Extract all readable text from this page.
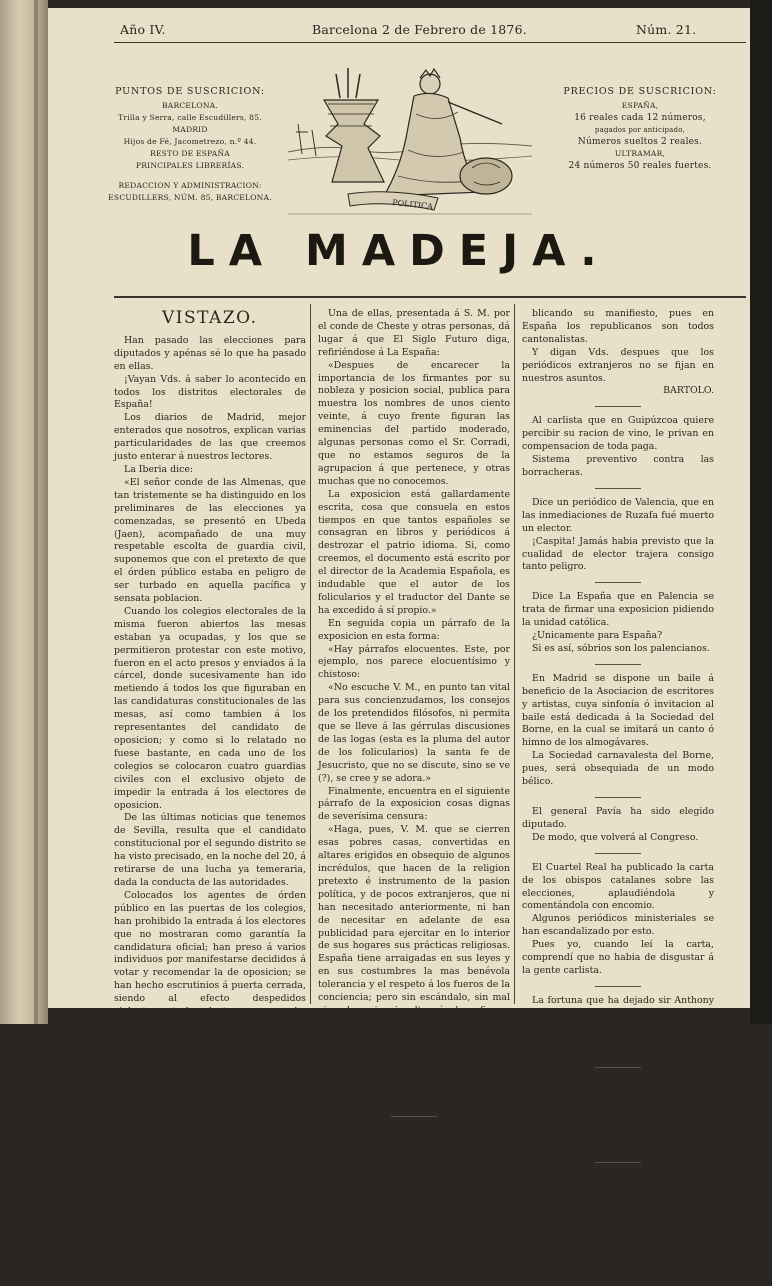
Año IV.	Barcelona 2 de Febrero de 1876.	Núm. 21.
PUNTOS DE SUSCRICION:
BARCELONA.
Trilla y Serra, calle Escudillers, 85.
MADRID
Hijos de Fé, Jacometrezo, n.º 44.
RESTO DE ESPAÑA
PRINCIPALES LIBRERÍAS.
REDACCION Y ADMINISTRACION:
ESCUDILLERS, NÚM. 85, BARCELONA.
POLITICA
PRECIOS DE SUSCRICION:
ESPAÑA,
16 reales cada 12 números,
pagados por anticipado,
Números sueltos 2 reales.
ULTRAMAR,
24 números 50 reales fuertes.
LA MADEJA.

VISTAZO.

Han pasado las elecciones para diputados y apénas sé lo que ha pasado en ellas.

¡Vayan Vds. á saber lo acontecido en todos los distritos electorales de España!

Los diarios de Madrid, mejor enterados que nosotros, explican varias particularidades de las que creemos justo enterar á nuestros lectores.

La Iberia dice:

«El señor conde de las Almenas, que tan tristemente se ha distinguido en los preliminares de las elecciones ya comenzadas, se presentó en Ubeda (Jaen), acompañado de una muy respetable escolta de guardia civil, suponemos que con el pretexto de que el órden público estaba en peligro de ser turbado en aquella pacífica y sensata poblacion.

Cuando los colegios electorales de la misma fueron abiertos las mesas estaban ya ocupadas, y los que se permitieron protestar con este motivo, fueron en el acto presos y enviados á la cárcel, donde sucesivamente han ido metiendo á todos los que figuraban en las candidaturas constitucionales de las mesas, así como tambien á los representantes del candidato de oposicion; y como si lo relatado no fuese bastante, en cada uno de los colegios se colocaron cuatro guardias civiles con el exclusivo objeto de impedir la entrada á los electores de oposicion.

De las últimas noticias que tenemos de Sevilla, resulta que el candidato constitucional por el segundo distrito se ha visto precisado, en la noche del 20, á retirarse de una lucha ya temeraria, dada la conducta de las autoridades.

Colocados los agentes de órden público en las puertas de los colegios, han prohibido la entrada á los electores que no mostraran como garantía la candidatura oficial; han preso á varios individuos por manifestarse decididos á votar y recomendar la de oposicion; se han hecho escrutinios á puerta cerrada, siendo al efecto despedidos violentamente los electores; y no se ha omitido medio, por reprobado que sea, para asegurar el éxito de los ministeriales.

Nuestros amigos de Palma de Mallorca nos dirigen, con fecha de ayer, el siguiente telégrama:

«El partido constitucional se retrae. Pormenores por el correo.»

De Orense hemos recibido otro telégrama que dice así:

«Constituida mesa interina en Toen, fué destituida por la fuerza pública, atropello que se ha hecho acreditar por notario.»

Y con esto saben mis lectores algo de lo que ha pasado.

Si de lo pasado venimos á lo que está pasando, nos encontramos con las exposiciones en pro de la unidad católica.

Una de ellas, presentada á S. M. por el conde de Cheste y otras personas, dá lugar á que El Siglo Futuro diga, refiriéndose á La España:

«Despues de encarecer la importancia de los firmantes por su nobleza y posicion social, publica para muestra los nombres de unos ciento veinte, á cuyo frente figuran las eminencias del partido moderado, algunas personas como el Sr. Corradi, que no estamos seguros de la agrupacion á que pertenece, y otras muchas que no conocemos.

La exposicion está gallardamente escrita, cosa que consuela en estos tiempos en que tantos españoles se consagran en libros y periódicos á destrozar el patrio idioma. Si, como creemos, el documento está escrito por el director de la Academia Española, es indudable que el autor de los folicularios y el traductor del Dante se ha excedido á sí propio.»

En seguida copia un párrafo de la exposicion en esta forma:

«Hay párrafos elocuentes. Este, por ejemplo, nos parece elocuentísimo y chistoso:

«No escuche V. M., en punto tan vital para sus concienzudamos, los consejos de los pretendidos filósofos, ni permita que se lleve á las gérrulas discusiones de las logas (esta es la pluma del autor de los folicularios) la santa fe de Jesucristo, que no se discute, sino se ve (?), se cree y se adora.»

Finalmente, encuentra en el siguiente párrafo de la exposicion cosas dignas de severísima censura:

«Haga, pues, V. M. que se cierren esas pobres casas, convertidas en altares erigidos en obsequio de algunos incrédulos, que hacen de la religion pretexto é instrumento de la pasion política, y de pocos extranjeros, que ni han necesitado anteriormente, ni han de necesitar en adelante de esa publicidad para ejercitar en lo interior de sus hogares sus prácticas religiosas. España tiene arraigadas en sus leyes y en sus costumbres la mas benévola tolerancia y el respeto á los fueros de la conciencia; pero sin escándalo, sin mal ejemplo, sin insulto á las firmes creencias de un pueblo entero, que tambien tiene el derecho de disfrutar incólume su libertad religiosa.»

No esperaban seguramente los fervorosos firmantes de la exposicion las censuras de un periódico ultramontano como El Siglo Futuro.

Si de nuestra prensa pasamos á la extranjera, la encontramos enterada de los asuntos españoles como siempre; esto es, mal enterada.

La Presse de Viena ha reproducido un suelto de la Gaceta de Colonia, diciendo que el señor Castelar ha dificultado mucho su eleccion pu-

blicando su manifiesto, pues en España los republicanos son todos cantonalistas.

Y digan Vds. despues que los periódicos extranjeros no se fijan en nuestros asuntos.

BARTOLO.

Al carlista que en Guipúzcoa quiere percibir su racion de vino, le privan en compensacion de toda paga.

Sistema preventivo contra las borracheras.

Dice un periódico de Valencia, que en las inmediaciones de Ruzafa fué muerto un elector.

¡Caspita! Jamás habia previsto que la cualidad de elector trajera consigo tanto peligro.

Dice La España que en Palencia se trata de firmar una exposicion pidiendo la unidad católica.

¿Unicamente para España?

Si es así, sóbrios son los palencianos.

En Madrid se dispone un baile á beneficio de la Asociacion de escritores y artistas, cuya sinfonía ó invitacion al baile está dedicada á la Sociedad del Borne, en la cual se imitará un canto ó himno de los almogávares.

La Sociedad carnavalesta del Borne, pues, será obsequiada de un modo bélico.

El general Pavía ha sido elegido diputado.

De modo, que volverá al Congreso.

El Cuartel Real ha publicado la carta de los obispos catalanes sobre las elecciones, aplaudiéndola y comentándola con encomio.

Algunos periódicos ministeriales se han escandalizado por esto.

Pues yo, cuando leí la carta, comprendí que no habia de disgustar á la gente carlista.

La fortuna que ha dejado sir Anthony Rotschild, se eleva á diez millones de libras esterlinas; unos mil millones de reales próximamente.

Una bicoca.

Dicese que muchas damas

de la nobleza española

presentan exposiciones

sobre la unidad católica.

Yo no la expondria asi,

y dispensen las señoras.

Las decoraciones, bailes, música y trajes de La mágia nueva llaman extraordinariamente la atencion del público. Por esto y á pesar de las pocas condiciones del libreto, creemos que La mágia nueva dará muchos llenos al teatro Principal.
